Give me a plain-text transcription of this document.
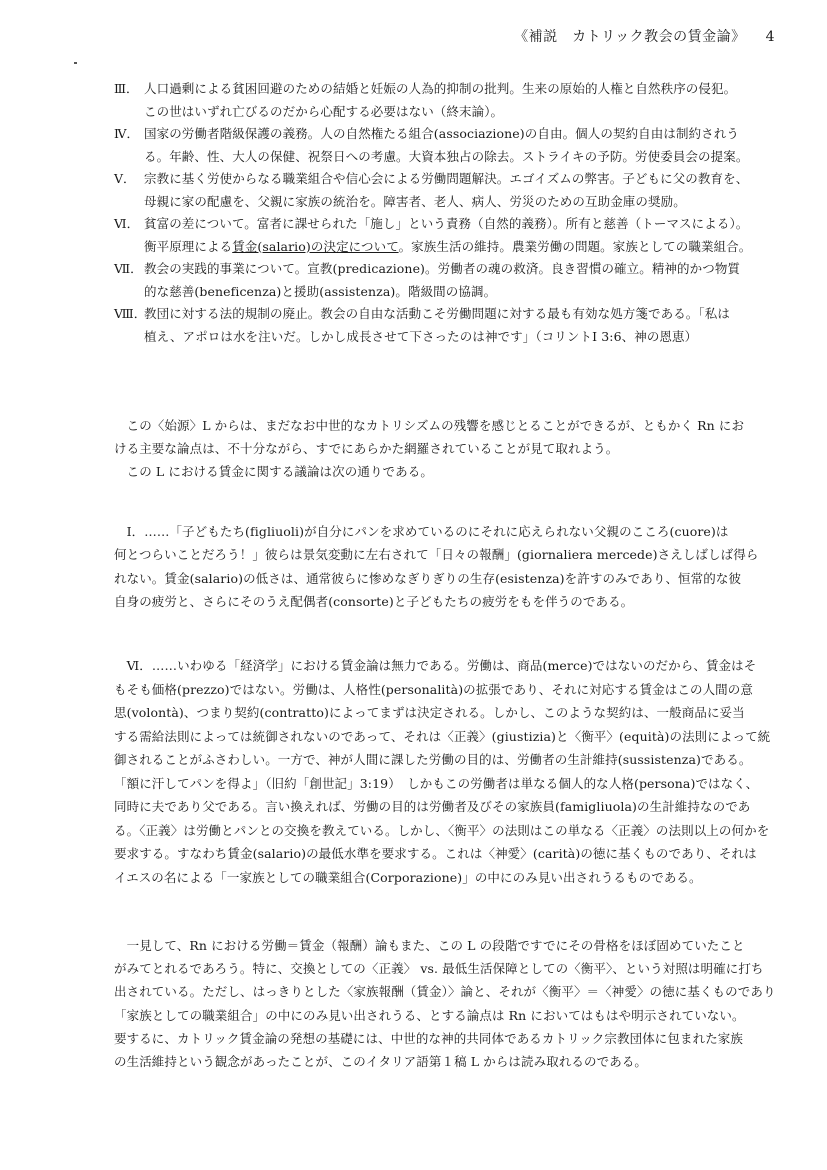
《補説　カトリック教会の賃金論》 4
Ⅲ． 人口過剰による貧困回避のための結婚と妊娠の人為的抑制の批判。生来の原始的人権と自然秩序の侵犯。
この世はいずれ亡びるのだから心配する必要はない（終末論）。
Ⅳ． 国家の労働者階級保護の義務。人の自然権たる組合(associazione)の自由。個人の契約自由は制約されう
る。年齢、性、大人の保健、祝祭日への考慮。大資本独占の除去。ストライキの予防。労使委員会の提案。
Ⅴ． 宗教に基く労使からなる職業組合や信心会による労働問題解決。エゴイズムの弊害。子どもに父の教育を、
母親に家の配慮を、父親に家族の統治を。障害者、老人、病人、労災のための互助金庫の奨励。
Ⅵ． 貧富の差について。富者に課せられた「施し」という責務（自然的義務）。所有と慈善（トーマスによる）。
衡平原理による賃金(salario)の決定について。家族生活の維持。農業労働の問題。家族としての職業組合。
Ⅶ． 教会の実践的事業について。宣教(predicazione)。労働者の魂の救済。良き習慣の確立。精神的かつ物質
的な慈善(beneficenza)と援助(assistenza)。階級間の協調。
Ⅷ．
教団に対する法的規制の廃止。教会の自由な活動こそ労働問題に対する最も有効な処方箋である。「私は
植え、アポロは水を注いだ。しかし成長させて下さったのは神です」（コリントⅠ 3:6、神の恩恵）
　この〈始源〉L からは、まだなお中世的なカトリシズムの残響を感じとることができるが、ともかく Rn にお
ける主要な論点は、不十分ながら、すでにあらかた網羅されていることが見て取れよう。
　この L における賃金に関する議論は次の通りである。
　Ⅰ．……「子どもたち(figliuoli)が自分にパンを求めているのにそれに応えられない父親のこころ(cuore)は
何とつらいことだろう！」彼らは景気変動に左右されて「日々の報酬」(giornaliera mercede)さえしばしば得ら
れない。賃金(salario)の低さは、通常彼らに惨めなぎりぎりの生存(esistenza)を許すのみであり、恒常的な彼
自身の疲労と、さらにそのうえ配偶者(consorte)と子どもたちの疲労をもを伴うのである。
　Ⅵ．……いわゆる「経済学」における賃金論は無力である。労働は、商品(merce)ではないのだから、賃金はそ
もそも価格(prezzo)ではない。労働は、人格性(personalità)の拡張であり、それに対応する賃金はこの人間の意
思(volontà)、つまり契約(contratto)によってまずは決定される。しかし、このような契約は、一般商品に妥当
する需給法則によっては統御されないのであって、それは〈正義〉(giustizia)と〈衡平〉(equità)の法則によって統
御されることがふさわしい。一方で、神が人間に課した労働の目的は、労働者の生計維持(sussistenza)である。
「額に汗してパンを得よ」（旧約「創世記」3:19）　しかもこの労働者は単なる個人的な人格(persona)ではなく、
同時に夫であり父である。言い換えれば、労働の目的は労働者及びその家族員(famigliuola)の生計維持なのであ
る。〈正義〉は労働とパンとの交換を教えている。しかし、〈衡平〉の法則はこの単なる〈正義〉の法則以上の何かを
要求する。すなわち賃金(salario)の最低水準を要求する。これは〈神愛〉(carità)の徳に基くものであり、それは
イエスの名による「一家族としての職業組合(Corporazione)」の中にのみ見い出されうるものである。
　一見して、Rn における労働＝賃金（報酬）論もまた、この L の段階ですでにその骨格をほぼ固めていたこと
がみてとれるであろう。特に、交換としての〈正義〉 vs. 最低生活保障としての〈衡平〉、という対照は明確に打ち
出されている。ただし、はっきりとした〈家族報酬（賃金）〉論と、それが〈衡平〉＝〈神愛〉の徳に基くものであり
「家族としての職業組合」の中にのみ見い出されうる、とする論点は Rn においてはもはや明示されていない。
要するに、カトリック賃金論の発想の基礎には、中世的な神的共同体であるカトリック宗教団体に包まれた家族
の生活維持という観念があったことが、このイタリア語第１稿 L からは読み取れるのである。
